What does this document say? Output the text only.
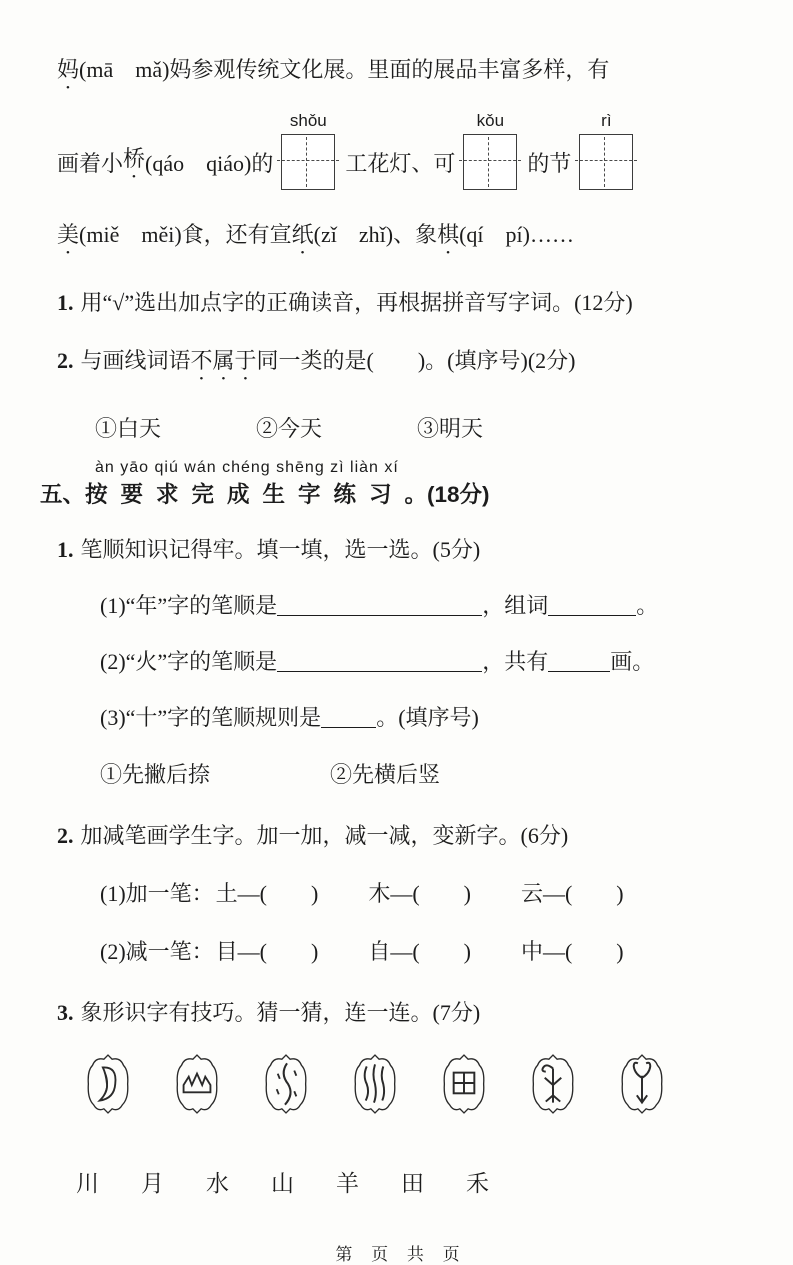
妈(mā　mǎ)妈参观传统文化展。里面的展品丰富多样，有
画着小 桥 (qáo　qiáo)的
shǒu
工花灯、可
kǒu
的节
rì
美(miě　měi)食，还有宣纸(zǐ　zhǐ)、象棋(qí　pí)……
1. 用“√”选出加点字的正确读音，再根据拼音写字词。(12分)
2. 与画线词语不属于同一类的是(　　)。(填序号)(2分)
①白天	②今天	③明天
àn yāo qiú wán chéng shēng zì liàn xí
五、按要求完成生字练习。(18分)
1. 笔顺知识记得牢。填一填，选一选。(5分)
(1)“年”字的笔顺是	，组词	。
(2)“火”字的笔顺是	，共有	画。
(3)“十”字的笔顺规则是	。(填序号)
①先撇后捺	②先横后竖
2. 加减笔画学生字。加一加，减一减，变新字。(6分)
(1)加一笔： 土—(　　) 木—(　　) 云—(　　)
(2)减一笔： 目—(　　) 自—(　　) 中—(　　)
3. 象形识字有技巧。猜一猜，连一连。(7分)
川 月 水 山 羊 田 禾
第 页 共 页
